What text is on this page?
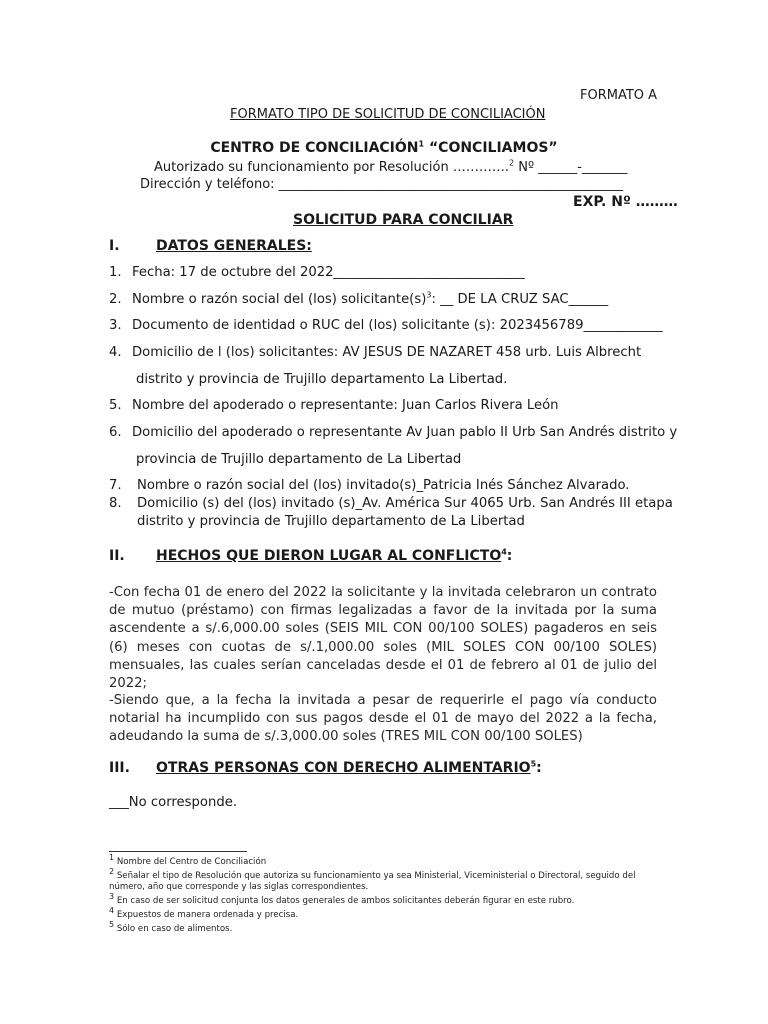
FORMATO A
FORMATO TIPO DE SOLICITUD DE CONCILIACIÓN
CENTRO DE CONCILIACIÓN$^1$ “CONCILIAMOS”
Autorizado su funcionamiento por Resolución ………….$^2$ Nº ______-_______
Dirección y teléfono: _____________________________________________________
EXP. Nº ………
SOLICITUD PARA CONCILIAR
I.	DATOS GENERALES:
1. Fecha: 17 de octubre del 2022_____________________________
2. Nombre o razón social del (los) $solicitante(s)^3$: __ DE LA CRUZ SAC______
3. Documento de identidad o RUC del (los) solicitante (s): 2023456789____________
4. Domicilio de l (los) solicitantes: AV JESUS DE NAZARET 458 urb. Luis Albrecht
distrito y provincia de Trujillo departamento La Libertad.
5. Nombre del apoderado o representante: Juan Carlos Rivera León
6. Domicilio del apoderado o representante Av Juan pablo II Urb San Andrés distrito y
provincia de Trujillo departamento de La Libertad
7. Nombre o razón social del (los) invitado(s)_Patricia Inés Sánchez Alvarado.
8. Domicilio (s) del (los) invitado (s)_Av. América Sur 4065 Urb. San Andrés III etapa
distrito y provincia de Trujillo departamento de La Libertad
II. HECHOS QUE DIERON LUGAR AL CONFLICTO$^4$:
-Con fecha 01 de enero del 2022 la solicitante y la invitada celebraron un contrato de mutuo (préstamo) con firmas legalizadas a favor de la invitada por la suma ascendente a s/.6,000.00 soles (SEIS MIL CON 00/100 SOLES) pagaderos en seis (6) meses con cuotas de s/.1,000.00 soles (MIL SOLES CON 00/100 SOLES) mensuales, las cuales serían canceladas desde el 01 de febrero al 01 de julio del 2022;
-Siendo que, a la fecha la invitada a pesar de requerirle el pago vía conducto notarial ha incumplido con sus pagos desde el 01 de mayo del 2022 a la fecha, adeudando la suma de s/.3,000.00 soles (TRES MIL CON 00/100 SOLES)
III. OTRAS PERSONAS CON DERECHO ALIMENTARIO$^5$:
___No corresponde.
$^1$ Nombre del Centro de Conciliación
$^2$ Señalar el tipo de Resolución que autoriza su funcionamiento ya sea Ministerial, Viceministerial o Directoral, seguido del número, año que corresponde y las siglas correspondientes.
$^3$ En caso de ser solicitud conjunta los datos generales de ambos solicitantes deberán figurar en este rubro.
$^4$ Expuestos de manera ordenada y precisa.
$^5$ Sólo en caso de alimentos.
